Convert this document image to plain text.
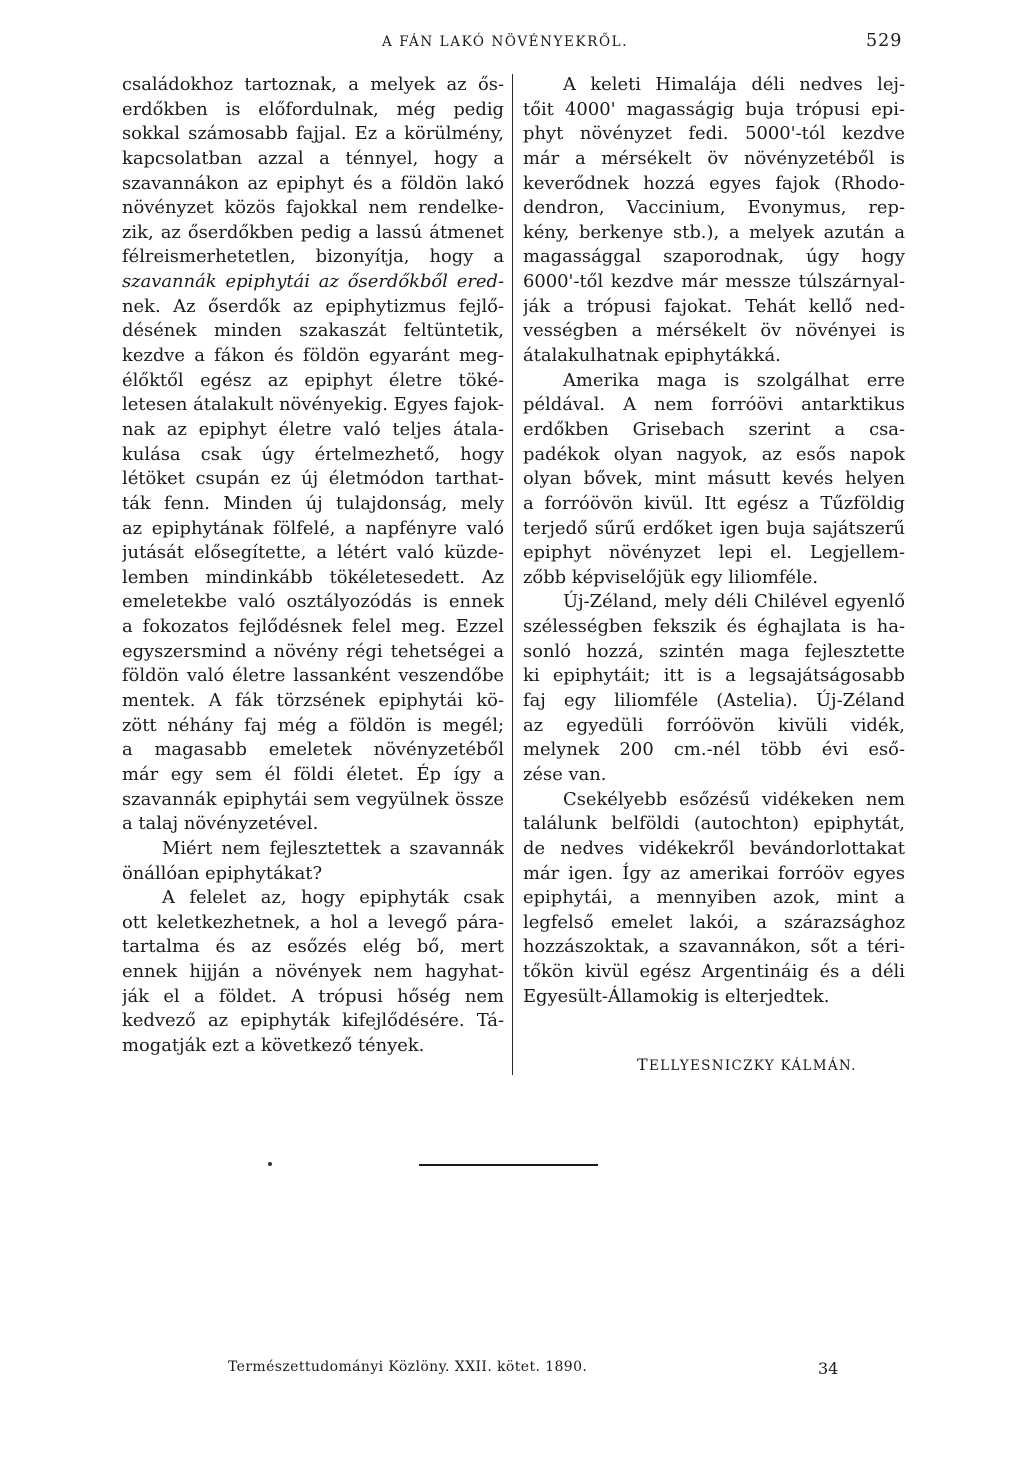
A FÁN LAKÓ NÖVÉNYEKRŐL.	529
családokhoz tartoznak, a melyek az ős-
erdőkben is előfordulnak, még pedig
sokkal számosabb fajjal. Ez a körülmény,
kapcsolatban azzal a ténnyel, hogy a
szavannákon az epiphyt és a földön lakó
növényzet közös fajokkal nem rendelke-
zik, az őserdőkben pedig a lassú átmenet
félreismerhetetlen, bizonyítja, hogy a
szavannák epiphytái az őserdőkből ered-
nek. Az őserdők az epiphytizmus fejlő-
désének minden szakaszát feltüntetik,
kezdve a fákon és földön egyaránt meg-
élőktől egész az epiphyt életre töké-
letesen átalakult növényekig. Egyes fajok-
nak az epiphyt életre való teljes átala-
kulása csak úgy értelmezhető, hogy
létöket csupán ez új életmódon tarthat-
ták fenn. Minden új tulajdonság, mely
az epiphytának fölfelé, a napfényre való
jutását elősegítette, a létért való küzde-
lemben mindinkább tökéletesedett. Az
emeletekbe való osztályozódás is ennek
a fokozatos fejlődésnek felel meg. Ezzel
egyszersmind a növény régi tehetségei a
földön való életre lassanként veszendőbe
mentek. A fák törzsének epiphytái kö-
zött néhány faj még a földön is megél;
a magasabb emeletek növényzetéből
már egy sem él földi életet. Ép így a
szavannák epiphytái sem vegyülnek össze
a talaj növényzetével.
Miért nem fejlesztettek a szavannák
önállóan epiphytákat?
A felelet az, hogy epiphyták csak
ott keletkezhetnek, a hol a levegő pára-
tartalma és az esőzés elég bő, mert
ennek hijján a növények nem hagyhat-
ják el a földet. A trópusi hőség nem
kedvező az epiphyták kifejlődésére. Tá-
mogatják ezt a következő tények.
A keleti Himalája déli nedves lej-
tőit 4000' magasságig buja trópusi epi-
phyt növényzet fedi. 5000'-tól kezdve
már a mérsékelt öv növényzetéből is
keverődnek hozzá egyes fajok (Rhodo-
dendron, Vaccinium, Evonymus, rep-
kény, berkenye stb.), a melyek azután a
magassággal szaporodnak, úgy hogy
6000'-től kezdve már messze túlszárnyal-
ják a trópusi fajokat. Tehát kellő ned-
vességben a mérsékelt öv növényei is
átalakulhatnak epiphytákká.
Amerika maga is szolgálhat erre
példával. A nem forróövi antarktikus
erdőkben Grisebach szerint a csa-
padékok olyan nagyok, az esős napok
olyan bővek, mint másutt kevés helyen
a forróövön kivül. Itt egész a Tűzföldig
terjedő sűrű erdőket igen buja sajátszerű
epiphyt növényzet lepi el. Legjellem-
zőbb képviselőjük egy liliomféle.
Új-Zéland, mely déli Chilével egyenlő
szélességben fekszik és éghajlata is ha-
sonló hozzá, szintén maga fejlesztette
ki epiphytáit; itt is a legsajátságosabb
faj egy liliomféle (Astelia). Új-Zéland
az egyedüli forróövön kivüli vidék,
melynek 200 cm.-nél több évi eső-
zése van.
Csekélyebb esőzésű vidékeken nem
találunk belföldi (autochton) epiphytát,
de nedves vidékekről bevándorlottakat
már igen. Így az amerikai forróöv egyes
epiphytái, a mennyiben azok, mint a
legfelső emelet lakói, a szárazsághoz
hozzászoktak, a szavannákon, sőt a téri-
tőkön kivül egész Argentináig és a déli
Egyesült-Államokig is elterjedtek.
TELLYESNICZKY KÁLMÁN.
Természettudományi Közlöny. XXII. kötet. 1890.	34
